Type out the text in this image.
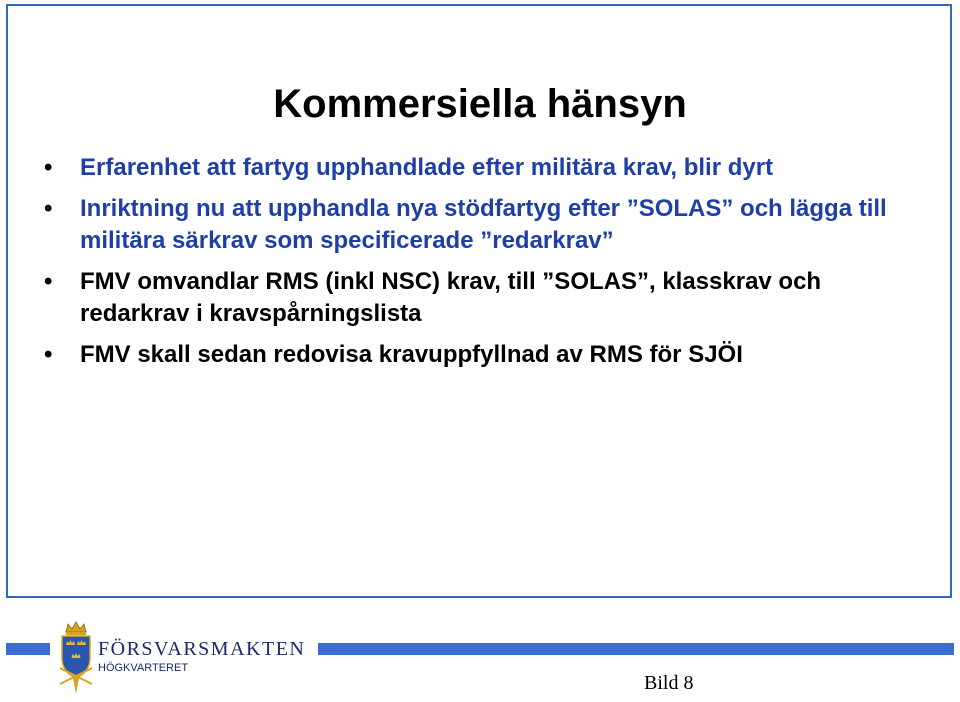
Kommersiella hänsyn
• Erfarenhet att fartyg upphandlade efter militära krav, blir dyrt
• Inriktning nu att upphandla nya stödfartyg efter ”SOLAS” och lägga till militära särkrav som specificerade ”redarkrav”
• FMV omvandlar RMS (inkl NSC) krav, till ”SOLAS”, klasskrav och redarkrav i kravspårningslista
• FMV skall sedan redovisa kravuppfyllnad av RMS för SJÖI
FÖRSVARSMAKTEN
HÖGKVARTERET
Bild 8
